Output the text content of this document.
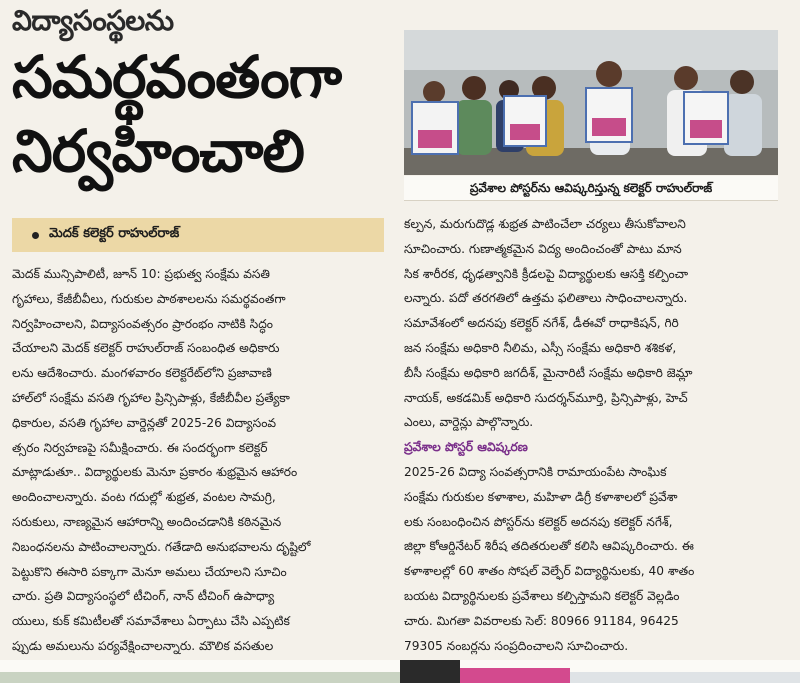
విద్యాసంస్థలను
సమర్థవంతంగా
నిర్వహించాలి
ప్రవేశాల పోస్టర్‌ను ఆవిష్కరిస్తున్న కలెక్టర్ రాహుల్‌రాజ్
మెదక్ కలెక్టర్ రాహుల్‌రాజ్
మెదక్ మున్సిపాలిటీ, జూన్ 10: ప్రభుత్వ సంక్షేమ వసతి
గృహాలు, కేజీబీవీలు, గురుకుల పాఠశాలలను సమర్థవంతగా
నిర్వహించాలని, విద్యాసంవత్సరం ప్రారంభం నాటికి సిద్ధం
చేయాలని మెదక్ కలెక్టర్ రాహుల్‌రాజ్ సంబంధిత అధికారు
లను ఆదేశించారు. మంగళవారం కలెక్టరేట్‌లోని ప్రజావాణి
హాల్‌లో సంక్షేమ వసతి గృహాల ప్రిన్సిపాళ్లు, కేజీబీవీల ప్రత్యేకా
ధికారుల, వసతి గృహాల వార్డెన్లతో 2025-26 విద్యాసంవ
త్సరం నిర్వహణపై సమీక్షించారు. ఈ సందర్భంగా కలెక్టర్
మాట్లాడుతూ.. విద్యార్థులకు మెనూ ప్రకారం శుభ్రమైన ఆహారం
అందించాలన్నారు. వంట గదుల్లో శుభ్రత, వంటల సామగ్రి,
సరుకులు, నాణ్యమైన ఆహారాన్ని అందించడానికి కఠినమైన
నిబంధనలను పాటించాలన్నారు. గతేడాది అనుభవాలను దృష్టిలో
పెట్టుకొని ఈసారి పక్కాగా మెనూ అమలు చేయాలని సూచిం
చారు. ప్రతి విద్యాసంస్థలో టీచింగ్, నాన్ టీచింగ్ ఉపాధ్యా
యులు, కుక్ కమిటీలతో సమావేశాలు ఏర్పాటు చేసి ఎప్పటిక
ప్పుడు అమలును పర్యవేక్షించాలన్నారు. మౌలిక వసతుల
కల్పన, మరుగుదొడ్ల శుభ్రత పాటించేలా చర్యలు తీసుకోవాలని
సూచించారు. గుణాత్మకమైన విద్య అందించంతో పాటు మాన
సిక శారీరక, ధృఢత్వానికి క్రీడలపై విద్యార్థులకు ఆసక్తి కల్పించా
లన్నారు. పదో తరగతిలో ఉత్తమ ఫలితాలు సాధించాలన్నారు.
సమావేశంలో అదనపు కలెక్టర్ నగేశ్, డీఈవో రాధాకిషన్, గిరి
జన సంక్షేమ అధికారి నీలిమ, ఎస్సీ సంక్షేమ అధికారి శశికళ,
బీసీ సంక్షేమ అధికారి జగదీశ్, మైనారిటీ సంక్షేమ అధికారి జెమ్లా
నాయక్, అకడమిక్ అధికారి సుదర్శన్‌మూర్తి, ప్రిన్సిపాళ్లు, హెచ్
ఎంలు, వార్డెన్లు పాల్గొన్నారు.
ప్రవేశాల పోస్టర్ ఆవిష్కరణ
2025-26 విద్యా సంవత్సరానికి రామాయంపేట సాంఘిక
సంక్షేమ గురుకుల కళాశాల, మహిళా డిగ్రీ కళాశాలలో ప్రవేశా
లకు సంబంధించిన పోస్టర్‌ను కలెక్టర్ అదనపు కలెక్టర్ నగేశ్,
జిల్లా కోఆర్డినేటర్ శిరీష తదితరులతో కలిసి ఆవిష్కరించారు. ఈ
కళాశాలల్లో 60 శాతం సోషల్ వెల్ఫేర్ విద్యార్థినులకు, 40 శాతం
బయట విద్యార్థినులకు ప్రవేశాలు కల్పిస్తామని కలెక్టర్ వెల్లడిం
చారు. మిగతా వివరాలకు సెల్: 80966 91184, 96425
79305 నంబర్లను సంప్రదించాలని సూచించారు.
